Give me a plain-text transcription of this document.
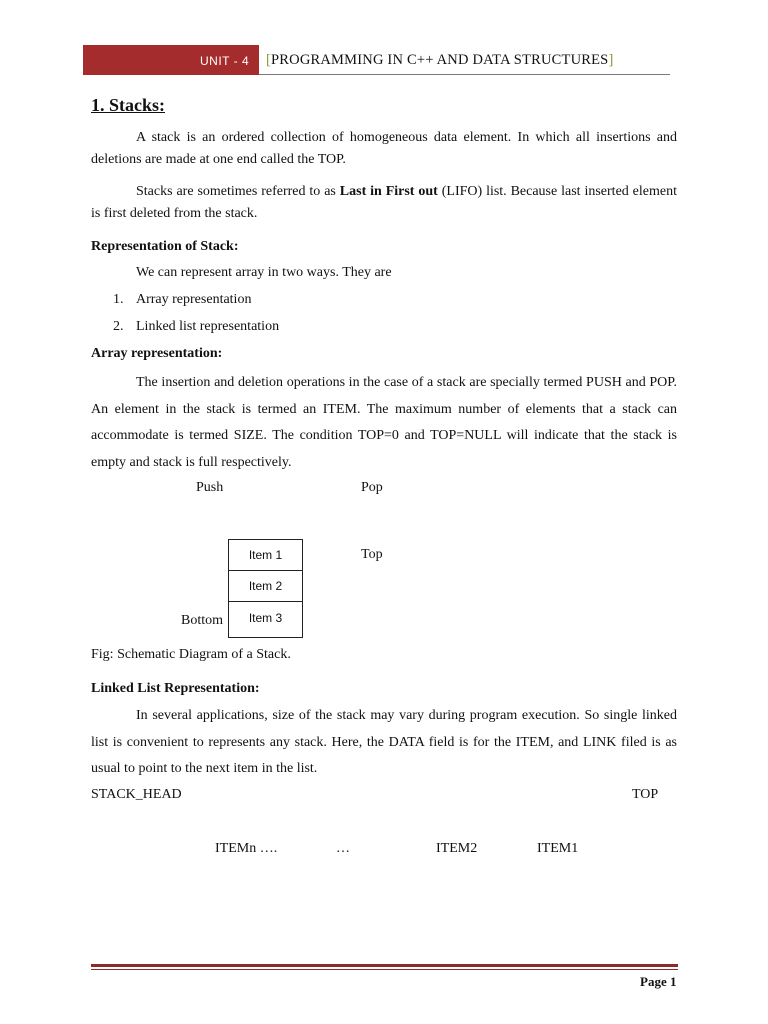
UNIT - 4 [PROGRAMMING IN C++ AND DATA STRUCTURES]
1. Stacks:
A stack is an ordered collection of homogeneous data element. In which all insertions and deletions are made at one end called the TOP.
Stacks are sometimes referred to as Last in First out (LIFO) list. Because last inserted element is first deleted from the stack.
Representation of Stack:
We can represent array in two ways. They are
1. Array representation
2. Linked list representation
Array representation:
The insertion and deletion operations in the case of a stack are specially termed PUSH and POP. An element in the stack is termed an ITEM. The maximum number of elements that a stack can accommodate is termed SIZE. The condition TOP=0 and TOP=NULL will indicate that the stack is empty and stack is full respectively.
Push	Pop
Top
Item 1
Item 2
Item 3
Bottom
Fig: Schematic Diagram of a Stack.
Linked List Representation:
In several applications, size of the stack may vary during program execution. So single linked list is convenient to represents any stack. Here, the DATA field is for the ITEM, and LINK filed is as usual to point to the next item in the list.
STACK_HEAD	TOP
ITEMn ….	…	ITEM2	ITEM1
Page 1
